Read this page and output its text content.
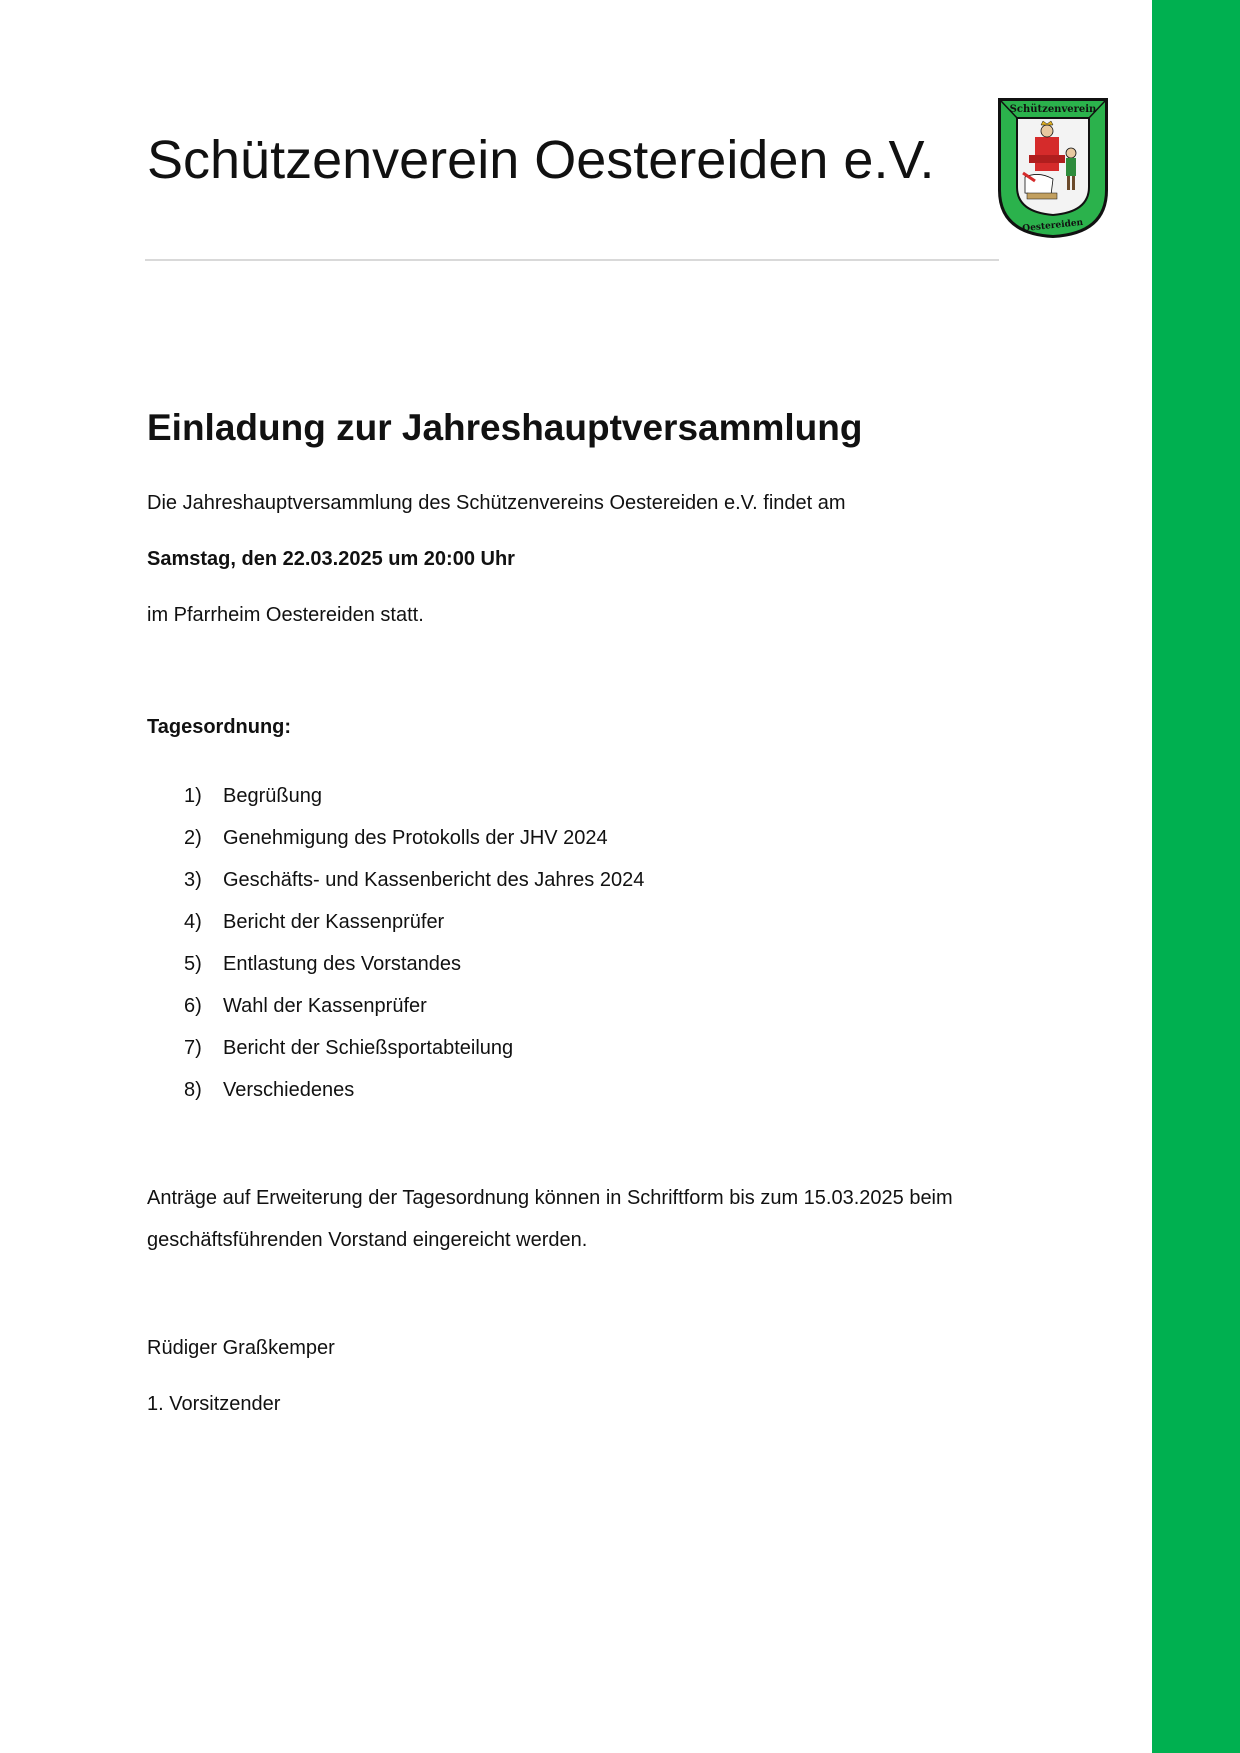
Schützenverein Oestereiden e.V.
Schützenverein
Oestereiden
Einladung zur Jahreshauptversammlung
Die Jahreshauptversammlung des Schützenvereins Oestereiden e.V. findet am
Samstag, den 22.03.2025 um 20:00 Uhr
im Pfarrheim Oestereiden statt.
Tagesordnung:
1)	Begrüßung
2)	Genehmigung des Protokolls der JHV 2024
3)	Geschäfts- und Kassenbericht des Jahres 2024
4)	Bericht der Kassenprüfer
5)	Entlastung des Vorstandes
6)	Wahl der Kassenprüfer
7)	Bericht der Schießsportabteilung
8)	Verschiedenes
Anträge auf Erweiterung der Tagesordnung können in Schriftform bis zum 15.03.2025 beim
geschäftsführenden Vorstand eingereicht werden.
Rüdiger Graßkemper
1. Vorsitzender
